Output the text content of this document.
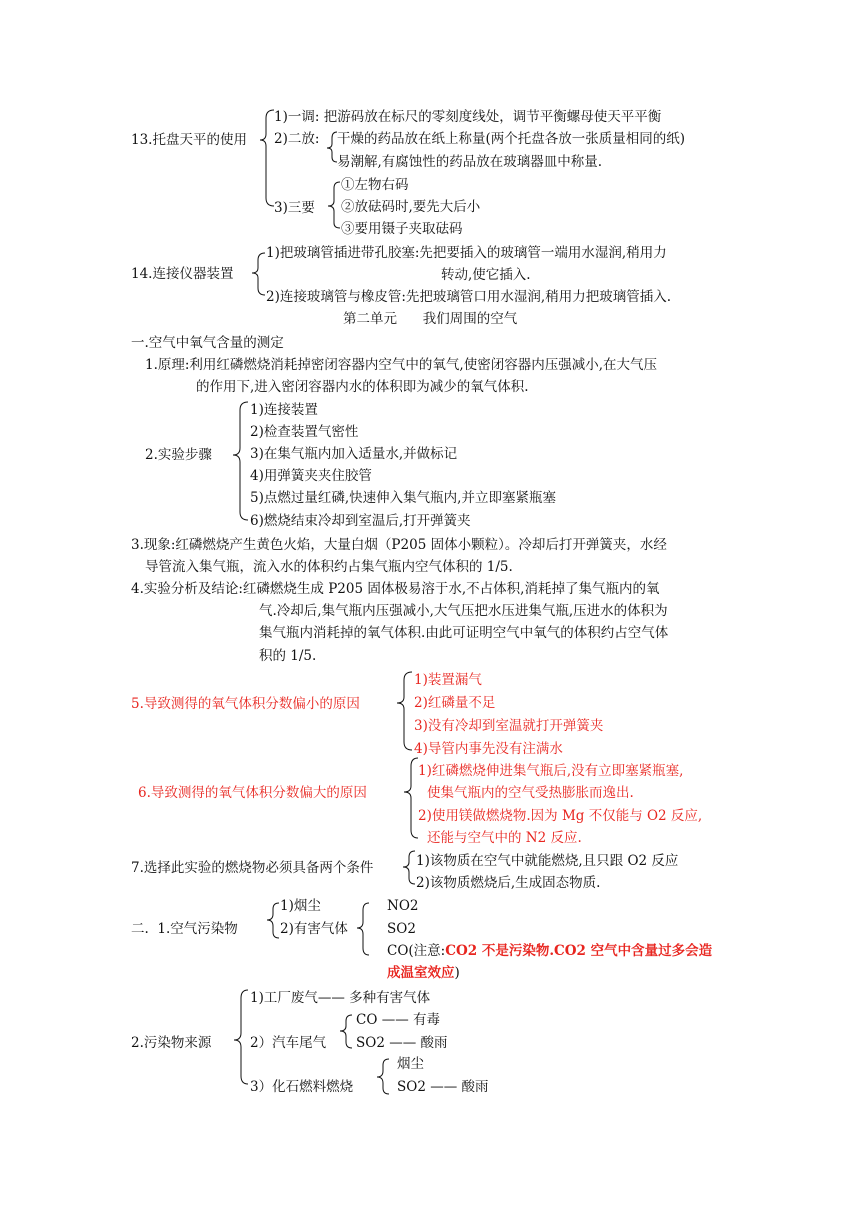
13.托盘天平的使用
1)一调: 把游码放在标尺的零刻度线处，调节平衡螺母使天平平衡
2)二放: 干燥的药品放在纸上称量(两个托盘各放一张质量相同的纸)
易潮解,有腐蚀性的药品放在玻璃器皿中称量.
3)三要
①左物右码
②放砝码时,要先大后小
③要用镊子夹取砝码
14.连接仪器装置
1)把玻璃管插进带孔胶塞:先把要插入的玻璃管一端用水湿润,稍用力
转动,使它插入.
2)连接玻璃管与橡皮管:先把玻璃管口用水湿润,稍用力把玻璃管插入.
第二单元      我们周围的空气
一.空气中氧气含量的测定
1.原理:利用红磷燃烧消耗掉密闭容器内空气中的氧气,使密闭容器内压强减小,在大气压
的作用下,进入密闭容器内水的体积即为减少的氧气体积.
2.实验步骤
1)连接装置
2)检查装置气密性
3)在集气瓶内加入适量水,并做标记
4)用弹簧夹夹住胶管
5)点燃过量红磷,快速伸入集气瓶内,并立即塞紧瓶塞
6)燃烧结束冷却到室温后,打开弹簧夹
3.现象:红磷燃烧产生黄色火焰，大量白烟（P205 固体小颗粒）。冷却后打开弹簧夹，水经
导管流入集气瓶，流入水的体积约占集气瓶内空气体积的 1/5.
4.实验分析及结论:红磷燃烧生成 P205 固体极易溶于水,不占体积,消耗掉了集气瓶内的氧
气.冷却后,集气瓶内压强减小,大气压把水压进集气瓶,压进水的体积为
集气瓶内消耗掉的氧气体积.由此可证明空气中氧气的体积约占空气体
积的 1/5.
5.导致测得的氧气体积分数偏小的原因
1)装置漏气
2)红磷量不足
3)没有冷却到室温就打开弹簧夹
4)导管内事先没有注满水
6.导致测得的氧气体积分数偏大的原因
1)红磷燃烧伸进集气瓶后,没有立即塞紧瓶塞,
使集气瓶内的空气受热膨胀而逸出.
2)使用镁做燃烧物.因为 Mg 不仅能与 O2 反应,
还能与空气中的 N2 反应.
7.选择此实验的燃烧物必须具备两个条件	1)该物质在空气中就能燃烧,且只跟 O2 反应
2)该物质燃烧后,生成固态物质.
二.  1.空气污染物
1)烟尘
2)有害气体
NO2
SO2
CO(注意:CO2 不是污染物.CO2 空气中含量过多会造
成温室效应)
2.污染物来源
1)工厂废气—— 多种有害气体
2）汽车尾气
CO —— 有毒
SO2 —— 酸雨
3）化石燃料燃烧
烟尘
SO2 —— 酸雨
